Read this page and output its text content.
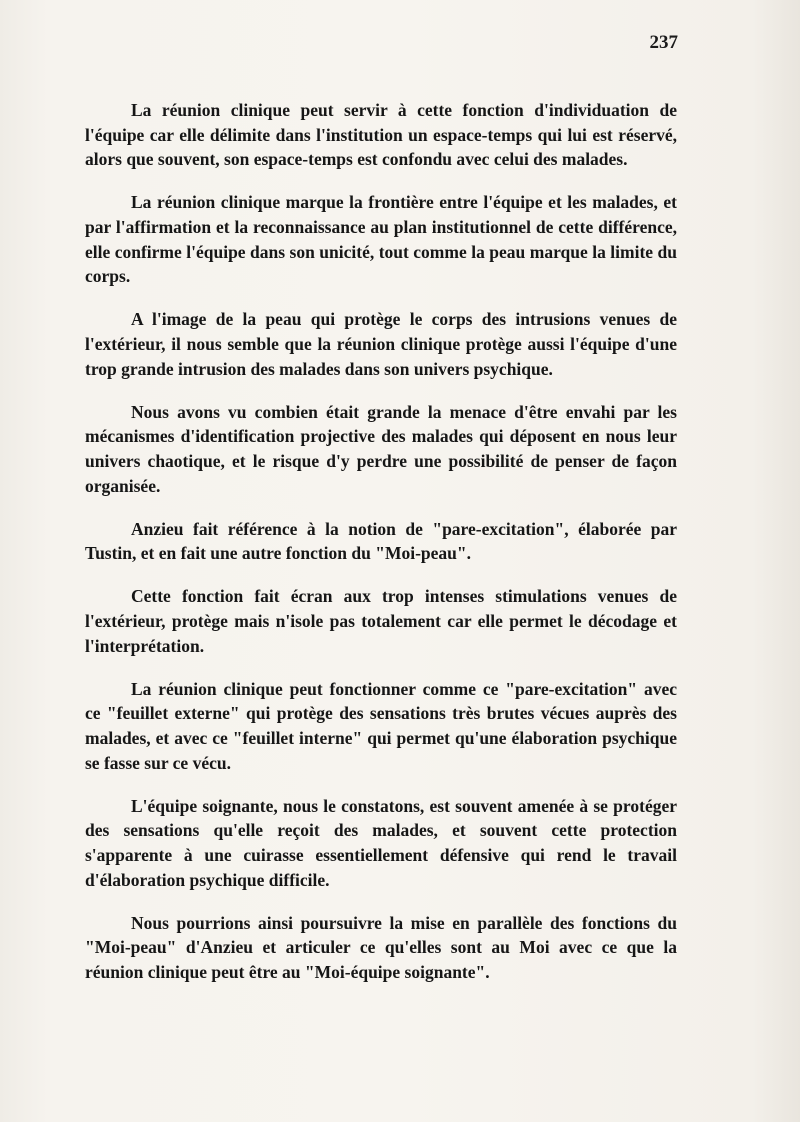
237

La réunion clinique peut servir à cette fonction d'individuation de l'équipe car elle délimite dans l'institution un espace-temps qui lui est réservé, alors que souvent, son espace-temps est confondu avec celui des malades.

La réunion clinique marque la frontière entre l'équipe et les malades, et par l'affirmation et la reconnaissance au plan institutionnel de cette différence, elle confirme l'équipe dans son unicité, tout comme la peau marque la limite du corps.

A l'image de la peau qui protège le corps des intrusions venues de l'extérieur, il nous semble que la réunion clinique protège aussi l'équipe d'une trop grande intrusion des malades dans son univers psychique.

Nous avons vu combien était grande la menace d'être envahi par les mécanismes d'identification projective des malades qui déposent en nous leur univers chaotique, et le risque d'y perdre une possibilité de penser de façon organisée.

Anzieu fait référence à la notion de "pare-excitation", élaborée par Tustin, et en fait une autre fonction du "Moi-peau".

Cette fonction fait écran aux trop intenses stimulations venues de l'extérieur, protège mais n'isole pas totalement car elle permet le décodage et l'interprétation.

La réunion clinique peut fonctionner comme ce "pare-excitation" avec ce "feuillet externe" qui protège des sensations très brutes vécues auprès des malades, et avec ce "feuillet interne" qui permet qu'une élaboration psychique se fasse sur ce vécu.

L'équipe soignante, nous le constatons, est souvent amenée à se protéger des sensations qu'elle reçoit des malades, et souvent cette protection s'apparente à une cuirasse essentiellement défensive qui rend le travail d'élaboration psychique difficile.

Nous pourrions ainsi poursuivre la mise en parallèle des fonctions du "Moi-peau" d'Anzieu et articuler ce qu'elles sont au Moi avec ce que la réunion clinique peut être au "Moi-équipe soignante".
